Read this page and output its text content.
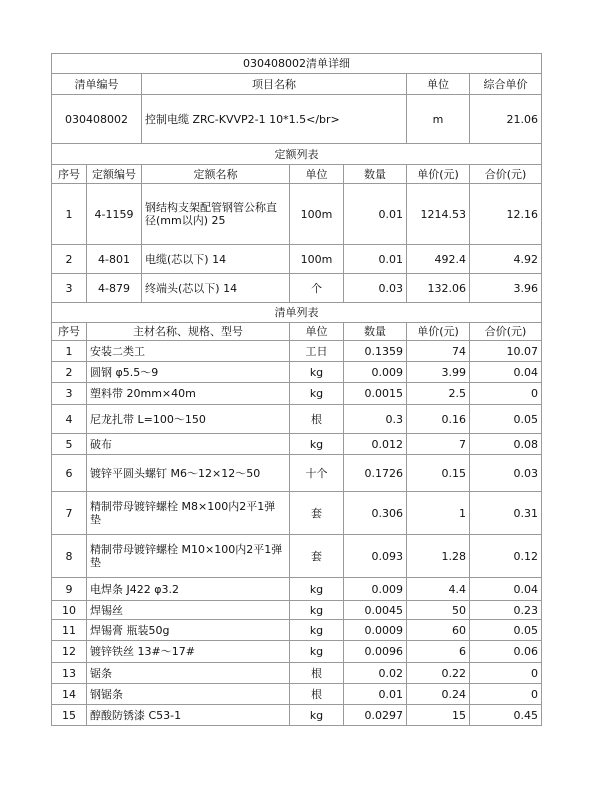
030408002清单详细						
清单编号		项目名称			单位	综合单价
030408002		控制电缆 ZRC-KVVP2-1 10*1.5</br>			m	21.06
定额列表						
序号	定额编号	定额名称	单位	数量	单价(元)	合价(元)
1	4-1159	钢结构支架配管钢管公称直径(mm以内) 25	100m	0.01	1214.53	12.16
2	4-801	电缆(芯以下) 14	100m	0.01	492.4	4.92
3	4-879	终端头(芯以下) 14	个	0.03	132.06	3.96
清单列表						
序号	主材名称、规格、型号		单位	数量	单价(元)	合价(元)
1	安装二类工		工日	0.1359	74	10.07
2	圆钢 φ5.5～9		kg	0.009	3.99	0.04
3	塑料带 20mm×40m		kg	0.0015	2.5	0
4	尼龙扎带 L=100～150		根	0.3	0.16	0.05
5	破布		kg	0.012	7	0.08
6	镀锌平圆头螺钉 M6～12×12～50		十个	0.1726	0.15	0.03
7	精制带母镀锌螺栓 M8×100内2平1弹垫		套	0.306	1	0.31
8	精制带母镀锌螺栓 M10×100内2平1弹垫		套	0.093	1.28	0.12
9	电焊条 J422 φ3.2		kg	0.009	4.4	0.04
10	焊锡丝		kg	0.0045	50	0.23
11	焊锡膏 瓶装50g		kg	0.0009	60	0.05
12	镀锌铁丝 13#～17#		kg	0.0096	6	0.06
13	锯条		根	0.02	0.22	0
14	钢锯条		根	0.01	0.24	0
15	醇酸防锈漆 C53-1		kg	0.0297	15	0.45
